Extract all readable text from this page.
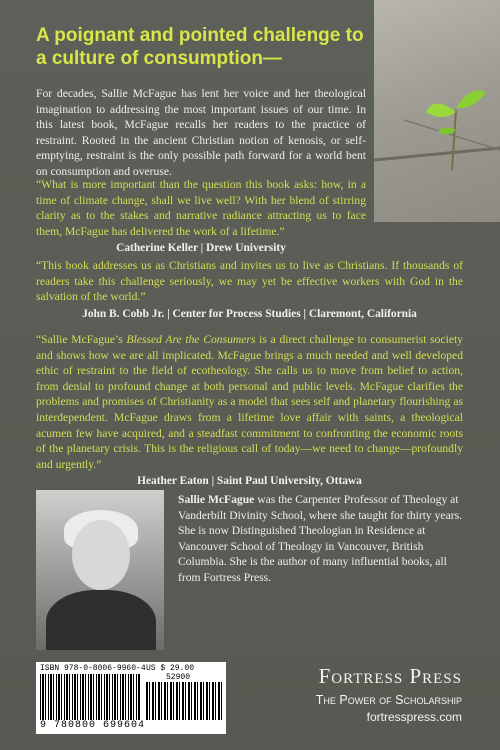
A poignant and pointed challenge to a culture of consumption—
For decades, Sallie McFague has lent her voice and her theological imagination to addressing the most important issues of our time. In this latest book, McFague recalls her readers to the practice of restraint. Rooted in the ancient Christian notion of kenosis, or self-emptying, restraint is the only possible path forward for a world bent on consumption and overuse.
“What is more important than the question this book asks: how, in a time of climate change, shall we live well? With her blend of stirring clarity as to the stakes and narrative radiance attracting us to face them, McFague has delivered the work of a lifetime.”
Catherine Keller | Drew University
“This book addresses us as Christians and invites us to live as Christians. If thousands of readers take this challenge seriously, we may yet be effective workers with God in the salvation of the world.”
John B. Cobb Jr. | Center for Process Studies | Claremont, California
“Sallie McFague’s Blessed Are the Consumers is a direct challenge to consumerist society and shows how we are all implicated. McFague brings a much needed and well developed ethic of restraint to the field of ecotheology. She calls us to move from belief to action, from denial to profound change at both personal and public levels. McFague clarifies the problems and promises of Christianity as a model that sees self and planetary flourishing as interdependent. McFague draws from a lifetime love affair with saints, a theological acumen few have acquired, and a steadfast commitment to confronting the economic roots of the planetary crisis. This is the religious call of today—we need to change—profoundly and urgently.”
Heather Eaton | Saint Paul University, Ottawa
Sallie McFague was the Carpenter Professor of Theology at Vanderbilt Divinity School, where she taught for thirty years. She is now Distinguished Theologian in Residence at Vancouver School of Theology in Vancouver, British Columbia. She is the author of many influential books, all from Fortress Press.
ISBN 978-0-8006-9960-4 US $ 29.00
52900
9 780800 699604
Fortress Press
The Power of Scholarship
fortresspress.com
